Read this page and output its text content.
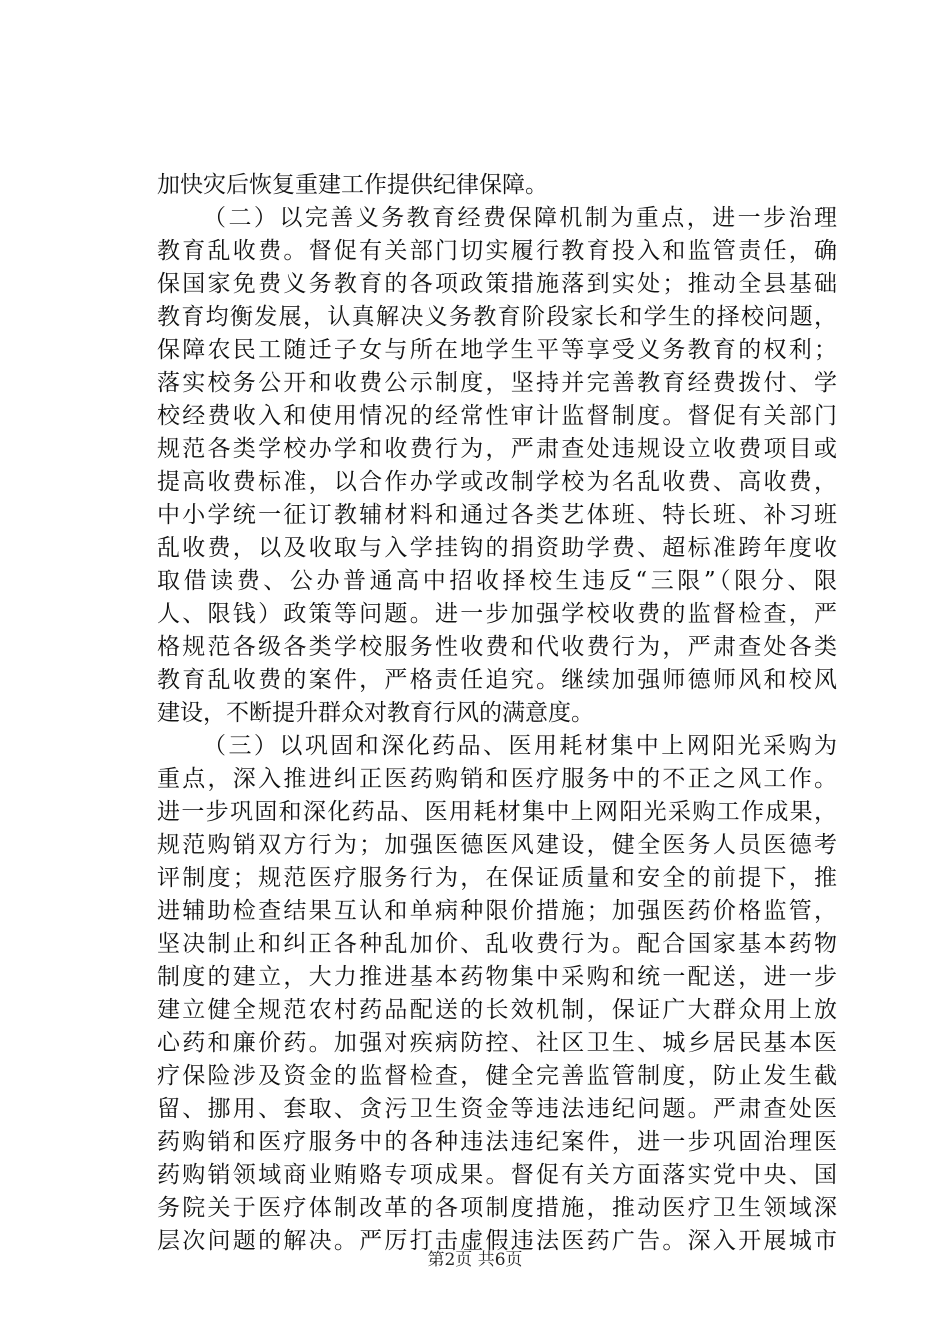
加快灾后恢复重建工作提供纪律保障。
（二）以完善义务教育经费保障机制为重点，进一步治理
教育乱收费。督促有关部门切实履行教育投入和监管责任，确
保国家免费义务教育的各项政策措施落到实处；推动全县基础
教育均衡发展，认真解决义务教育阶段家长和学生的择校问题，
保障农民工随迁子女与所在地学生平等享受义务教育的权利；
落实校务公开和收费公示制度，坚持并完善教育经费拨付、学
校经费收入和使用情况的经常性审计监督制度。督促有关部门
规范各类学校办学和收费行为，严肃查处违规设立收费项目或
提高收费标准，以合作办学或改制学校为名乱收费、高收费，
中小学统一征订教辅材料和通过各类艺体班、特长班、补习班
乱收费，以及收取与入学挂钩的捐资助学费、超标准跨年度收
取借读费、公办普通高中招收择校生违反“三限”（限分、限
人、限钱）政策等问题。进一步加强学校收费的监督检查，严
格规范各级各类学校服务性收费和代收费行为，严肃查处各类
教育乱收费的案件，严格责任追究。继续加强师德师风和校风
建设，不断提升群众对教育行风的满意度。
（三）以巩固和深化药品、医用耗材集中上网阳光采购为
重点，深入推进纠正医药购销和医疗服务中的不正之风工作。
进一步巩固和深化药品、医用耗材集中上网阳光采购工作成果，
规范购销双方行为；加强医德医风建设，健全医务人员医德考
评制度；规范医疗服务行为，在保证质量和安全的前提下，推
进辅助检查结果互认和单病种限价措施；加强医药价格监管，
坚决制止和纠正各种乱加价、乱收费行为。配合国家基本药物
制度的建立，大力推进基本药物集中采购和统一配送，进一步
建立健全规范农村药品配送的长效机制，保证广大群众用上放
心药和廉价药。加强对疾病防控、社区卫生、城乡居民基本医
疗保险涉及资金的监督检查，健全完善监管制度，防止发生截
留、挪用、套取、贪污卫生资金等违法违纪问题。严肃查处医
药购销和医疗服务中的各种违法违纪案件，进一步巩固治理医
药购销领域商业贿赂专项成果。督促有关方面落实党中央、国
务院关于医疗体制改革的各项制度措施，推动医疗卫生领域深
层次问题的解决。严厉打击虚假违法医药广告。深入开展城市
第2页 共6页
